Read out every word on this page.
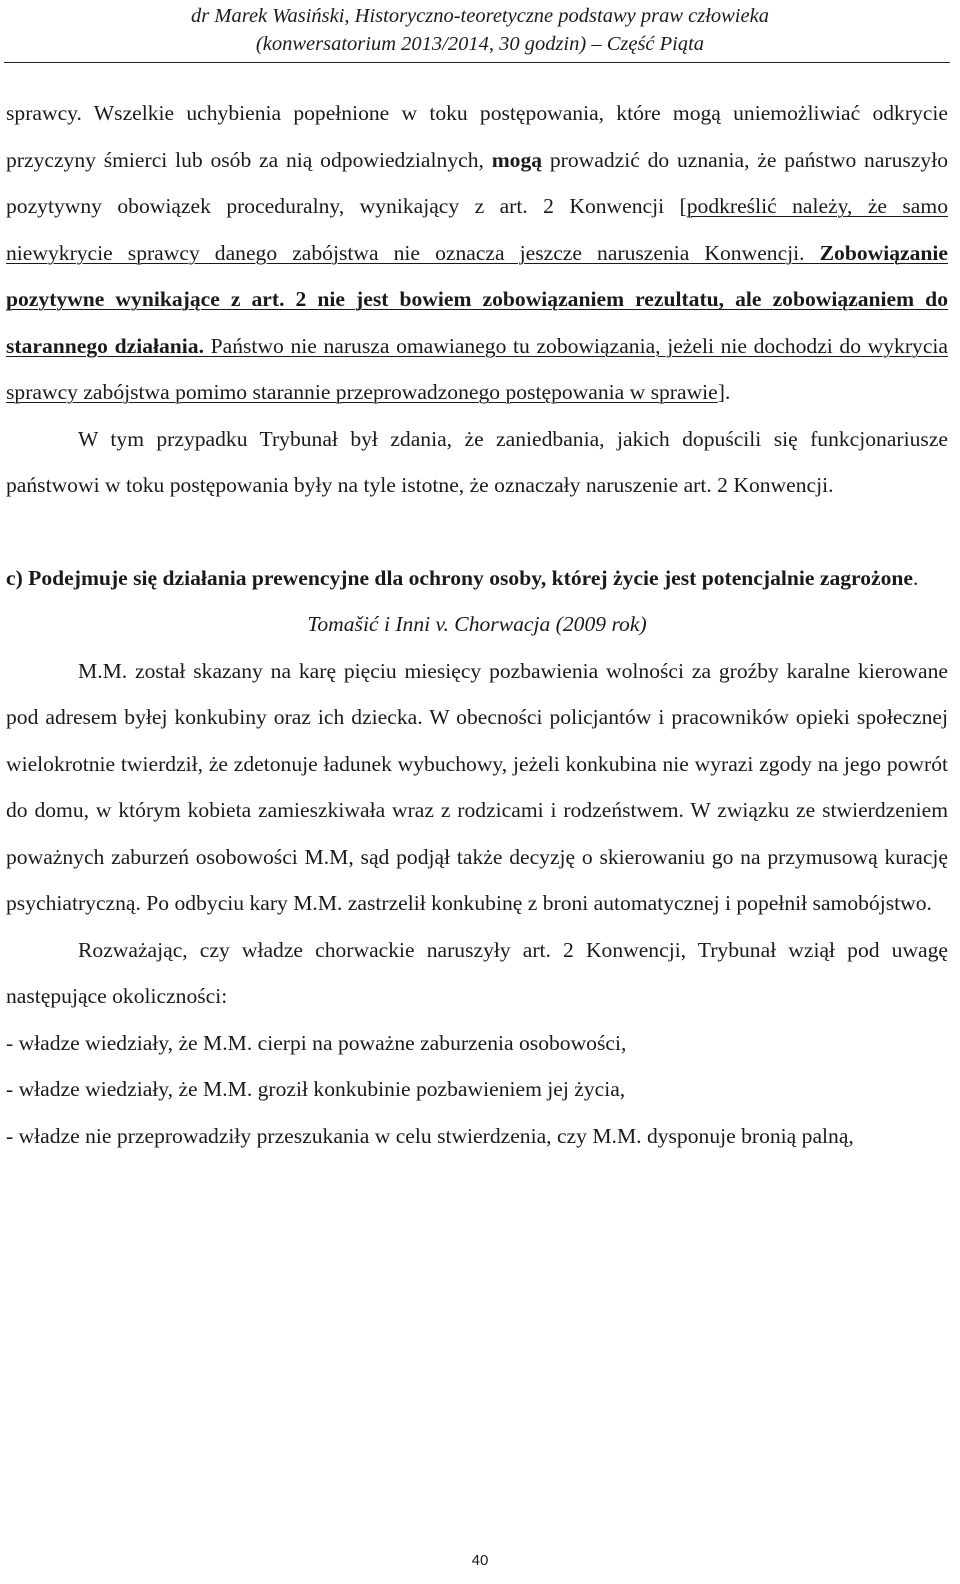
dr Marek Wasiński, Historyczno-teoretyczne podstawy praw człowieka
(konwersatorium 2013/2014, 30 godzin) – Część Piąta

sprawcy. Wszelkie uchybienia popełnione w toku postępowania, które mogą uniemożliwiać odkrycie przyczyny śmierci lub osób za nią odpowiedzialnych, mogą prowadzić do uznania, że państwo naruszyło pozytywny obowiązek proceduralny, wynikający z art. 2 Konwencji [podkreślić należy, że samo niewykrycie sprawcy danego zabójstwa nie oznacza jeszcze naruszenia Konwencji. Zobowiązanie pozytywne wynikające z art. 2 nie jest bowiem zobowiązaniem rezultatu, ale zobowiązaniem do starannego działania. Państwo nie narusza omawianego tu zobowiązania, jeżeli nie dochodzi do wykrycia sprawcy zabójstwa pomimo starannie przeprowadzonego postępowania w sprawie].

W tym przypadku Trybunał był zdania, że zaniedbania, jakich dopuścili się funkcjonariusze państwowi w toku postępowania były na tyle istotne, że oznaczały naruszenie art. 2 Konwencji.

c) Podejmuje się działania prewencyjne dla ochrony osoby, której życie jest potencjalnie zagrożone.

Tomašić i Inni v. Chorwacja (2009 rok)

M.M. został skazany na karę pięciu miesięcy pozbawienia wolności za groźby karalne kierowane pod adresem byłej konkubiny oraz ich dziecka. W obecności policjantów i pracowników opieki społecznej wielokrotnie twierdził, że zdetonuje ładunek wybuchowy, jeżeli konkubina nie wyrazi zgody na jego powrót do domu, w którym kobieta zamieszkiwała wraz z rodzicami i rodzeństwem. W związku ze stwierdzeniem poważnych zaburzeń osobowości M.M, sąd podjął także decyzję o skierowaniu go na przymusową kurację psychiatryczną. Po odbyciu kary M.M. zastrzelił konkubinę z broni automatycznej i popełnił samobójstwo.

Rozważając, czy władze chorwackie naruszyły art. 2 Konwencji, Trybunał wziął pod uwagę następujące okoliczności:

- władze wiedziały, że M.M. cierpi na poważne zaburzenia osobowości,

- władze wiedziały, że M.M. groził konkubinie pozbawieniem jej życia,

- władze nie przeprowadziły przeszukania w celu stwierdzenia, czy M.M. dysponuje bronią palną,

40
